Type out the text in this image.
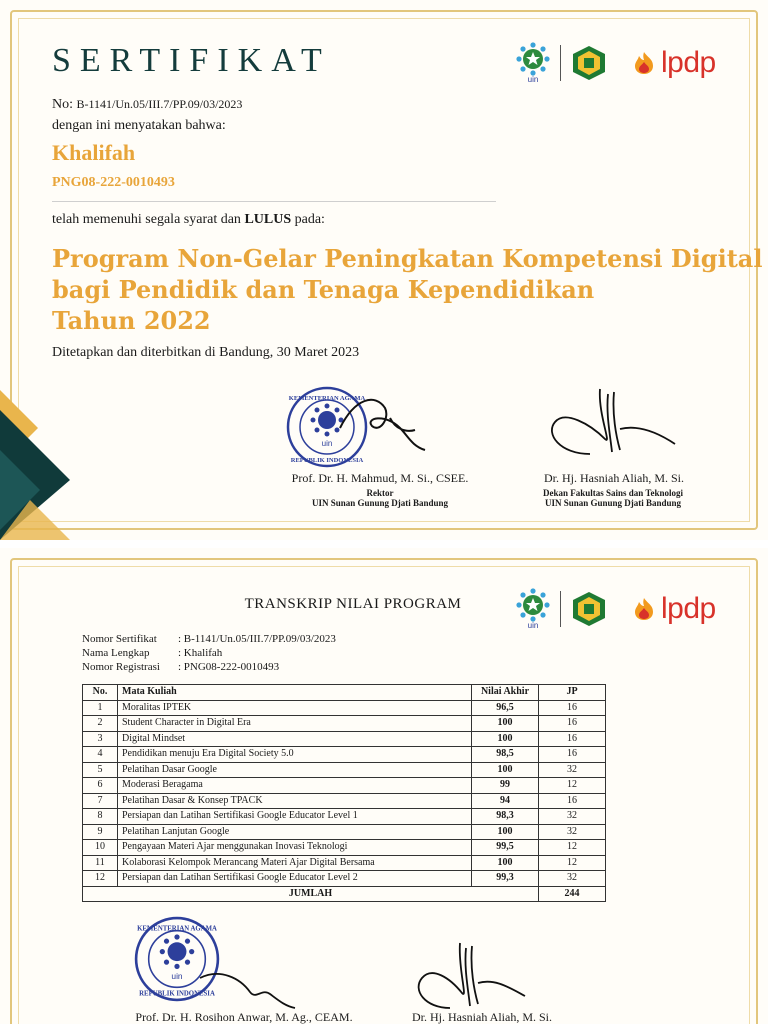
SERTIFIKAT
No: B-1141/Un.05/III.7/PP.09/03/2023
dengan ini menyatakan bahwa:
Khalifah
PNG08-222-0010493
telah memenuhi segala syarat dan LULUS pada:
Program Non-Gelar Peningkatan Kompetensi Digital
bagi Pendidik dan Tenaga Kependidikan
Tahun 2022
Ditetapkan dan diterbitkan di Bandung, 30 Maret 2023
uin
lpdp
KEMENTERIAN AGAMA
REPUBLIK INDONESIA
uin
Prof. Dr. H. Mahmud, M. Si., CSEE.
Rektor
UIN Sunan Gunung Djati Bandung
Dr. Hj. Hasniah Aliah, M. Si.
Dekan Fakultas Sains dan Teknologi
UIN Sunan Gunung Djati Bandung
TRANSKRIP NILAI PROGRAM
uin
lpdp
Nomor Sertifikat	: B-1141/Un.05/III.7/PP.09/03/2023
Nama Lengkap	: Khalifah
Nomor Registrasi	: PNG08-222-0010493
No.	Mata Kuliah	Nilai Akhir	JP
1	Moralitas IPTEK	96,5	16
2	Student Character in Digital Era	100	16
3	Digital Mindset	100	16
4	Pendidikan menuju Era Digital Society 5.0	98,5	16
5	Pelatihan Dasar Google	100	32
6	Moderasi Beragama	99	12
7	Pelatihan Dasar & Konsep TPACK	94	16
8	Persiapan dan Latihan Sertifikasi Google Educator Level 1	98,3	32
9	Pelatihan Lanjutan Google	100	32
10	Pengayaan Materi Ajar menggunakan Inovasi Teknologi	99,5	12
11	Kolaborasi Kelompok Merancang Materi Ajar Digital Bersama	100	12
12	Persiapan dan Latihan Sertifikasi Google Educator Level 2	99,3	32
JUMLAH			244
KEMENTERIAN AGAMA
REPUBLIK INDONESIA
uin
Prof. Dr. H. Rosihon Anwar, M. Ag., CEAM.	Dr. Hj. Hasniah Aliah, M. Si.
